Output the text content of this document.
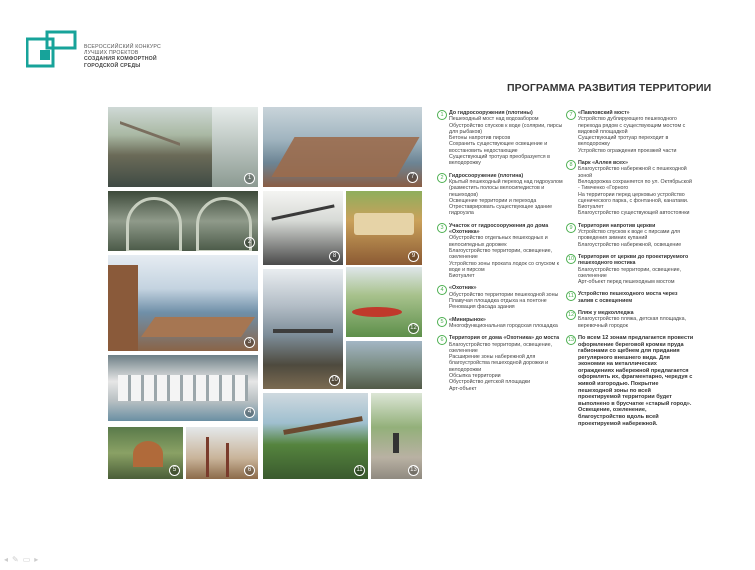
ВСЕРОССИЙСКИЙ КОНКУРС
ЛУЧШИХ ПРОЕКТОВ
СОЗДАНИЯ КОМФОРТНОЙ
ГОРОДСКОЙ СРЕДЫ
ПРОГРАММА РАЗВИТИЯ ТЕРРИТОРИИ
1	7
2
8	9
3
12
10
4
5	6	11	13
1	До гидросооружения (плотины)
Пешеходный мост над водозабором
Обустройство спусков к воде (солярии, пирсы для рыбаков)
Бетоны напротив пирсов
Сохранить существующее освещение и восстановить недостающие
Существующий тротуар преобразуется в велодорожку
2	Гидросооружение (плотина)
Крытый пешеходный переход над гидроузлом (разместить полосы велосипедистов и пешеходов)
Освещение территории и перехода
Отреставрировать существующее здание гидроузла
3	Участок от гидросооружения до дома «Охотника»
Обустройство отдельных пешеходных и велосипедных дорожек
Благоустройство территории, освещение, озеленение
Устройство зоны проката лодок со спуском к воде и пирсом
Биотуалет
4	«Охотник»
Обустройство территории пешеходной зоны
Плавучая площадка отдыха на понтоне
Реновация фасада здания
5	«Минирынок»
Многофункциональная городская площадка
6	Территория от дома «Охотника» до моста
Благоустройство территории, освещение, озеленение
Расширение зоны набережной для благоустройства пешеходной дорожки и велодорожки
Обсыпка территории
Обустройство детской площадки
Арт-объект
7	«Павловский мост»
Устройство дублирующего пешеходного перехода рядом с существующим мостом с видовой площадкой
Существующий тротуар переходит в велодорожку
Устройство ограждения проезжей части
8	Парк «Аллея всех»
Благоустройство набережной с пешеходной зоной
Велодорожка сохраняется по ул. Октябрьской - Тимченко «Горного
На территории перед церковью устройство сценического парка, с фонтанной, канатами. Биотуалет
Благоустройство существующей автостоянки
9	Территория напротив церкви
Устройство спусков к воде с пирсами для проведения зимних купаний
Благоустройство набережной, освещение
10 Территория от церкви до проектируемого пешеходного мостика
Благоустройство территории, освещение, озеленение
Арт-объект перед пешеходным мостом
11 Устройство пешеходного моста через залив с освещением
12 Пляж у медколледжа
Благоустройство пляжа, детская площадка, веревочный городок
13 По всем 12 зонам предлагается провести оформление береговой кромки пруда габионами со щебнем для придания регулярного внешнего вида. Для экономии на металлических ограждениях набережной предлагается оформлять их, фрагментарно, чередуя с живой изгородью. Покрытие пешеходной зоны по всей проектируемой территории будет выполнено в брусчатке «старый город». Освещение, озеленение, благоустройство вдоль всей проектируемой набережной.
◂✎▭▸
